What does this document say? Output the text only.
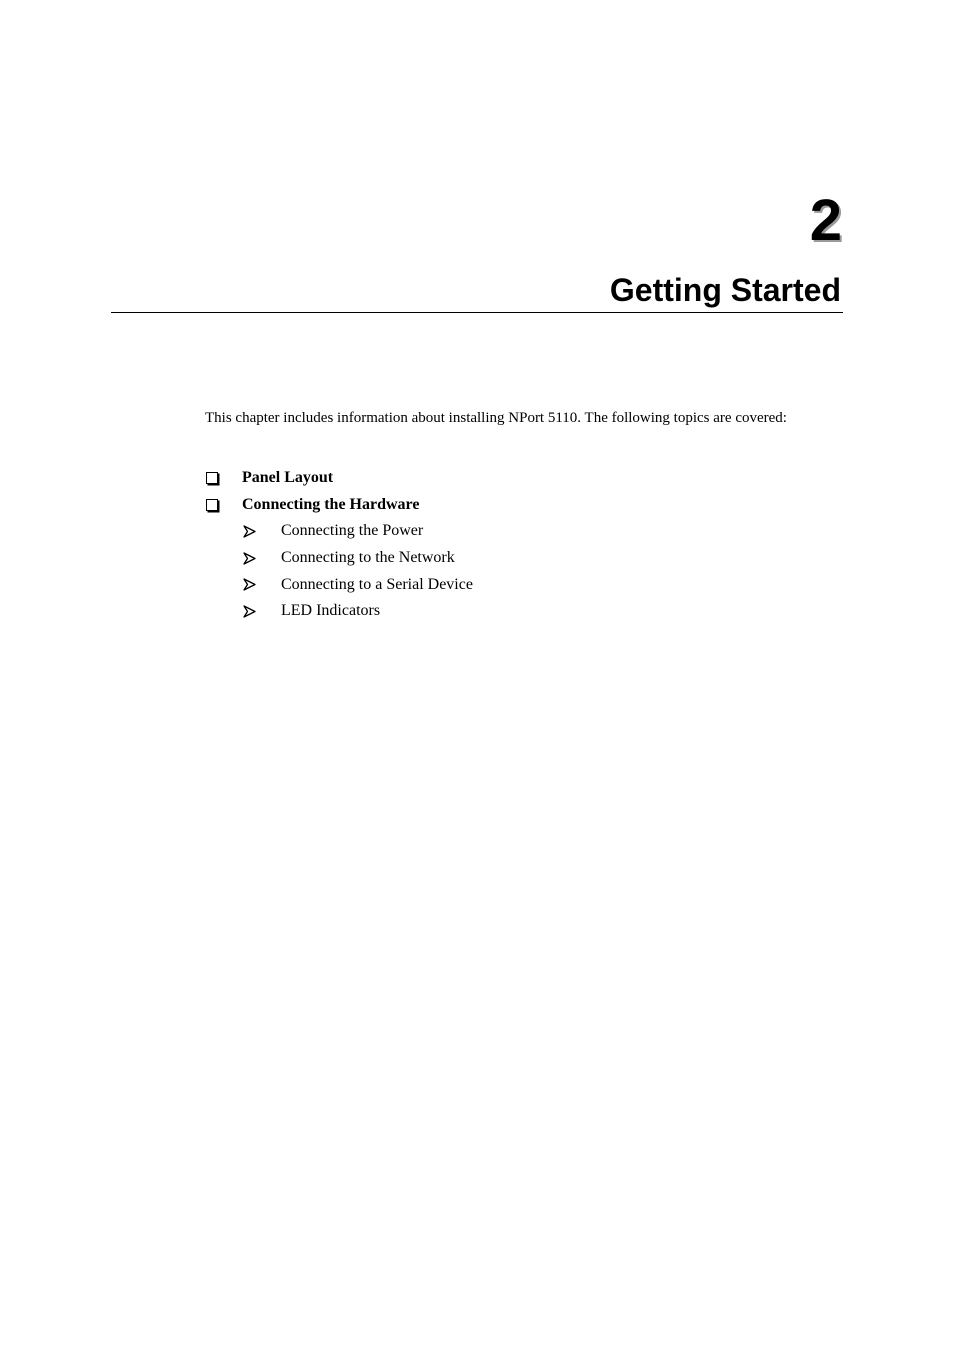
2
Getting Started
This chapter includes information about installing NPort 5110. The following topics are covered:
Panel Layout
Connecting the Hardware
Connecting the Power
Connecting to the Network
Connecting to a Serial Device
LED Indicators
